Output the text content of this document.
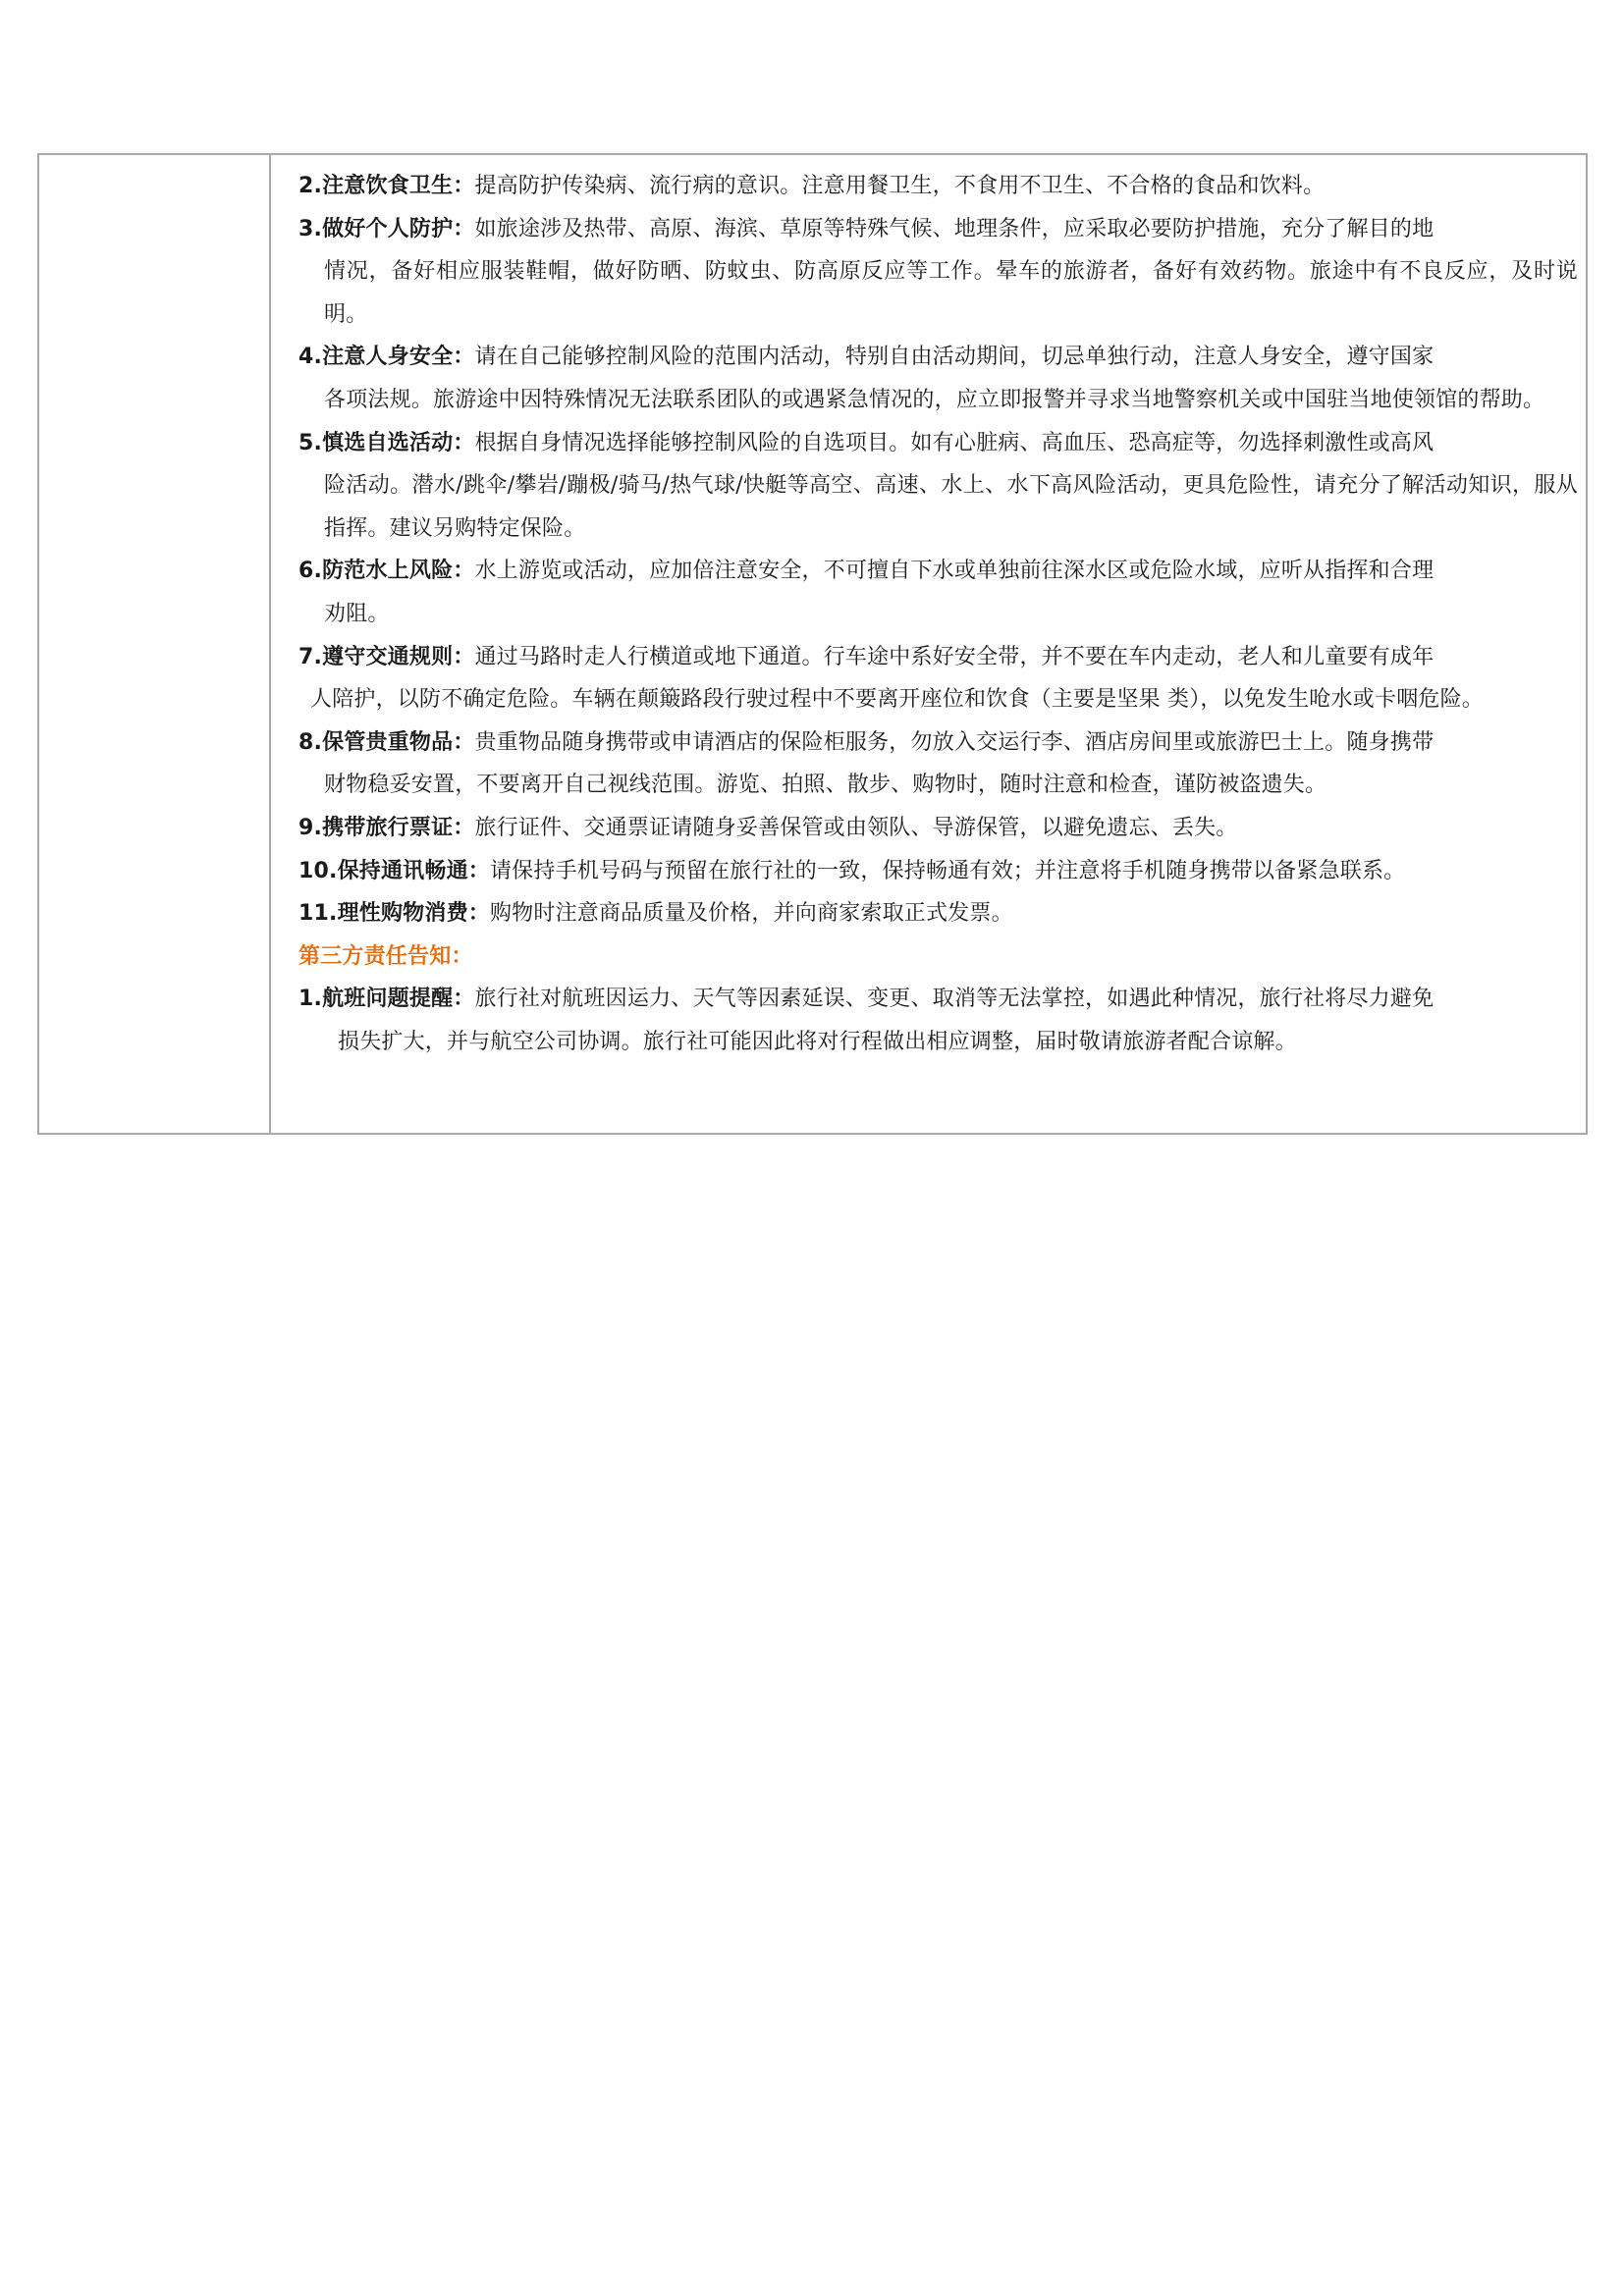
2.注意饮食卫生：提高防护传染病、流行病的意识。注意用餐卫生，不食用不卫生、不合格的食品和饮料。

3.做好个人防护：如旅途涉及热带、高原、海滨、草原等特殊气候、地理条件，应采取必要防护措施，充分了解目的地
情况，备好相应服装鞋帽，做好防晒、防蚊虫、防高原反应等工作。晕车的旅游者，备好有效药物。旅途中有不良反应，及时说明。

4.注意人身安全：请在自己能够控制风险的范围内活动，特别自由活动期间，切忌单独行动，注意人身安全，遵守国家
各项法规。旅游途中因特殊情况无法联系团队的或遇紧急情况的，应立即报警并寻求当地警察机关或中国驻当地使领馆的帮助。

5.慎选自选活动：根据自身情况选择能够控制风险的自选项目。如有心脏病、高血压、恐高症等，勿选择刺激性或高风
险活动。潜水/跳伞/攀岩/蹦极/骑马/热气球/快艇等高空、高速、水上、水下高风险活动，更具危险性，请充分了解活动知识，服从指挥。建议另购特定保险。

6.防范水上风险：水上游览或活动，应加倍注意安全，不可擅自下水或单独前往深水区或危险水域，应听从指挥和合理
劝阻。

7.遵守交通规则：通过马路时走人行横道或地下通道。行车途中系好安全带，并不要在车内走动，老人和儿童要有成年
人陪护，以防不确定危险。车辆在颠簸路段行驶过程中不要离开座位和饮食（主要是坚果 类），以免发生呛水或卡咽危险。

8.保管贵重物品：贵重物品随身携带或申请酒店的保险柜服务，勿放入交运行李、酒店房间里或旅游巴士上。随身携带
财物稳妥安置，不要离开自己视线范围。游览、拍照、散步、购物时，随时注意和检查，谨防被盗遗失。

9.携带旅行票证：旅行证件、交通票证请随身妥善保管或由领队、导游保管，以避免遗忘、丢失。

10.保持通讯畅通：请保持手机号码与预留在旅行社的一致，保持畅通有效；并注意将手机随身携带以备紧急联系。

11.理性购物消费：购物时注意商品质量及价格，并向商家索取正式发票。

第三方责任告知：

1.航班问题提醒：旅行社对航班因运力、天气等因素延误、变更、取消等无法掌控，如遇此种情况，旅行社将尽力避免
损失扩大，并与航空公司协调。旅行社可能因此将对行程做出相应调整，届时敬请旅游者配合谅解。
